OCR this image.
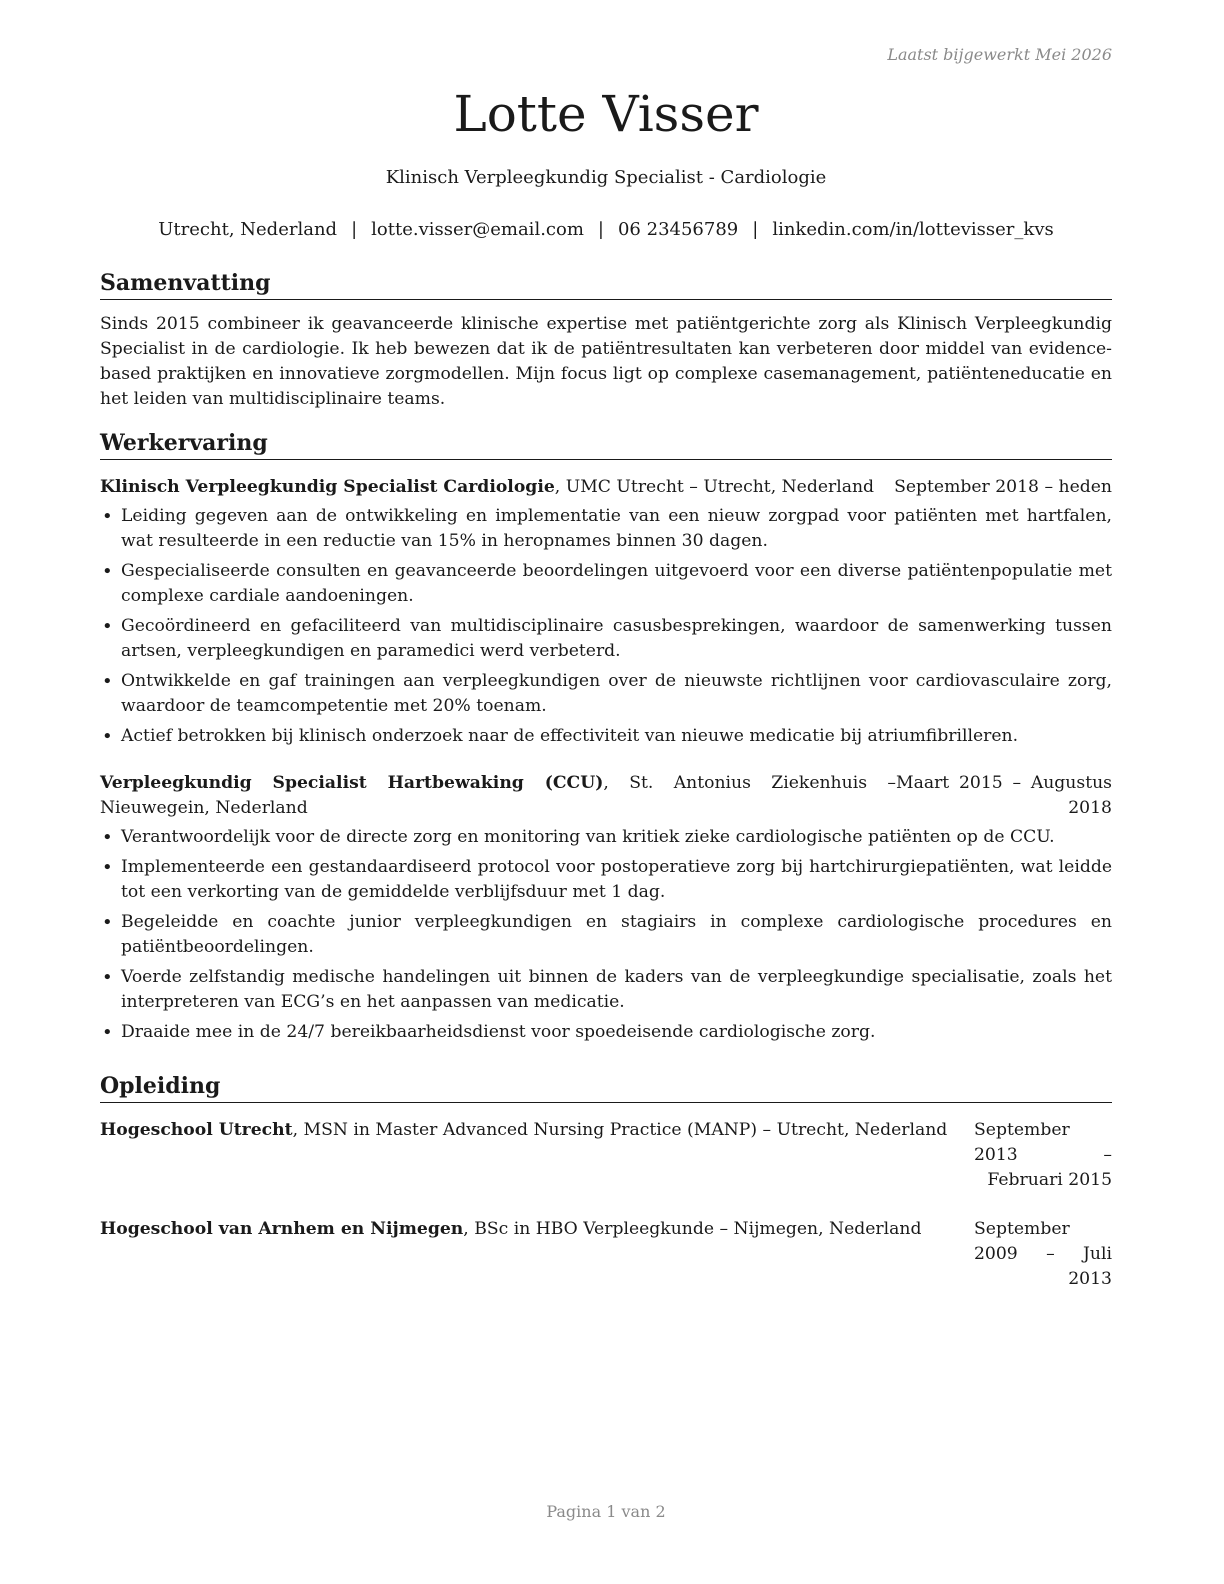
Laatst bijgewerkt Mei 2026
Lotte Visser
Klinisch Verpleegkundig Specialist - Cardiologie
Utrecht, Nederland | lotte.visser@email.com | 06 23456789 | linkedin.com/in/lottevisser_kvs
Samenvatting

Sinds 2015 combineer ik geavanceerde klinische expertise met patiëntgerichte zorg als Klinisch Verpleegkundig Specialist in de cardiologie. Ik heb bewezen dat ik de patiëntresultaten kan verbeteren door middel van evidence-based praktijken en innovatieve zorgmodellen. Mijn focus ligt op complexe casemanagement, patiënteneducatie en het leiden van multidisciplinaire teams.

Werkervaring
Klinisch Verpleegkundig Specialist Cardiologie, UMC Utrecht – Utrecht, Nederland	September 2018 – heden
• Leiding gegeven aan de ontwikkeling en implementatie van een nieuw zorgpad voor patiënten met hartfalen, wat resulteerde in een reductie van 15% in heropnames binnen 30 dagen.
• Gespecialiseerde consulten en geavanceerde beoordelingen uitgevoerd voor een diverse patiëntenpopulatie met complexe cardiale aandoeningen.
• Gecoördineerd en gefaciliteerd van multidisciplinaire casusbesprekingen, waardoor de samenwerking tussen artsen, verpleegkundigen en paramedici werd verbeterd.
• Ontwikkelde en gaf trainingen aan verpleegkundigen over de nieuwste richtlijnen voor cardiovasculaire zorg, waardoor de teamcompetentie met 20% toenam.
• Actief betrokken bij klinisch onderzoek naar de effectiviteit van nieuwe medicatie bij atriumfibrilleren.
Verpleegkundig Specialist Hartbewaking (CCU), St. Antonius Ziekenhuis – Nieuwegein, Nederland
Maart 2015 – Augustus 2018
• Verantwoordelijk voor de directe zorg en monitoring van kritiek zieke cardiologische patiënten op de CCU.
• Implementeerde een gestandaardiseerd protocol voor postoperatieve zorg bij hartchirurgiepatiënten, wat leidde tot een verkorting van de gemiddelde verblijfsduur met 1 dag.
• Begeleidde en coachte junior verpleegkundigen en stagiairs in complexe cardiologische procedures en patiëntbeoordelingen.
• Voerde zelfstandig medische handelingen uit binnen de kaders van de verpleegkundige specialisatie, zoals het interpreteren van ECG’s en het aanpassen van medicatie.
• Draaide mee in de 24/7 bereikbaarheidsdienst voor spoedeisende cardiologische zorg.
Opleiding
Hogeschool Utrecht, MSN in Master Advanced Nursing Practice (MANP) – Utrecht, Nederland	September 2013 – Februari 2015
Hogeschool van Arnhem en Nijmegen, BSc in HBO Verpleegkunde – Nijmegen, Nederland	September 2009 – Juli 2013
Pagina 1 van 2
